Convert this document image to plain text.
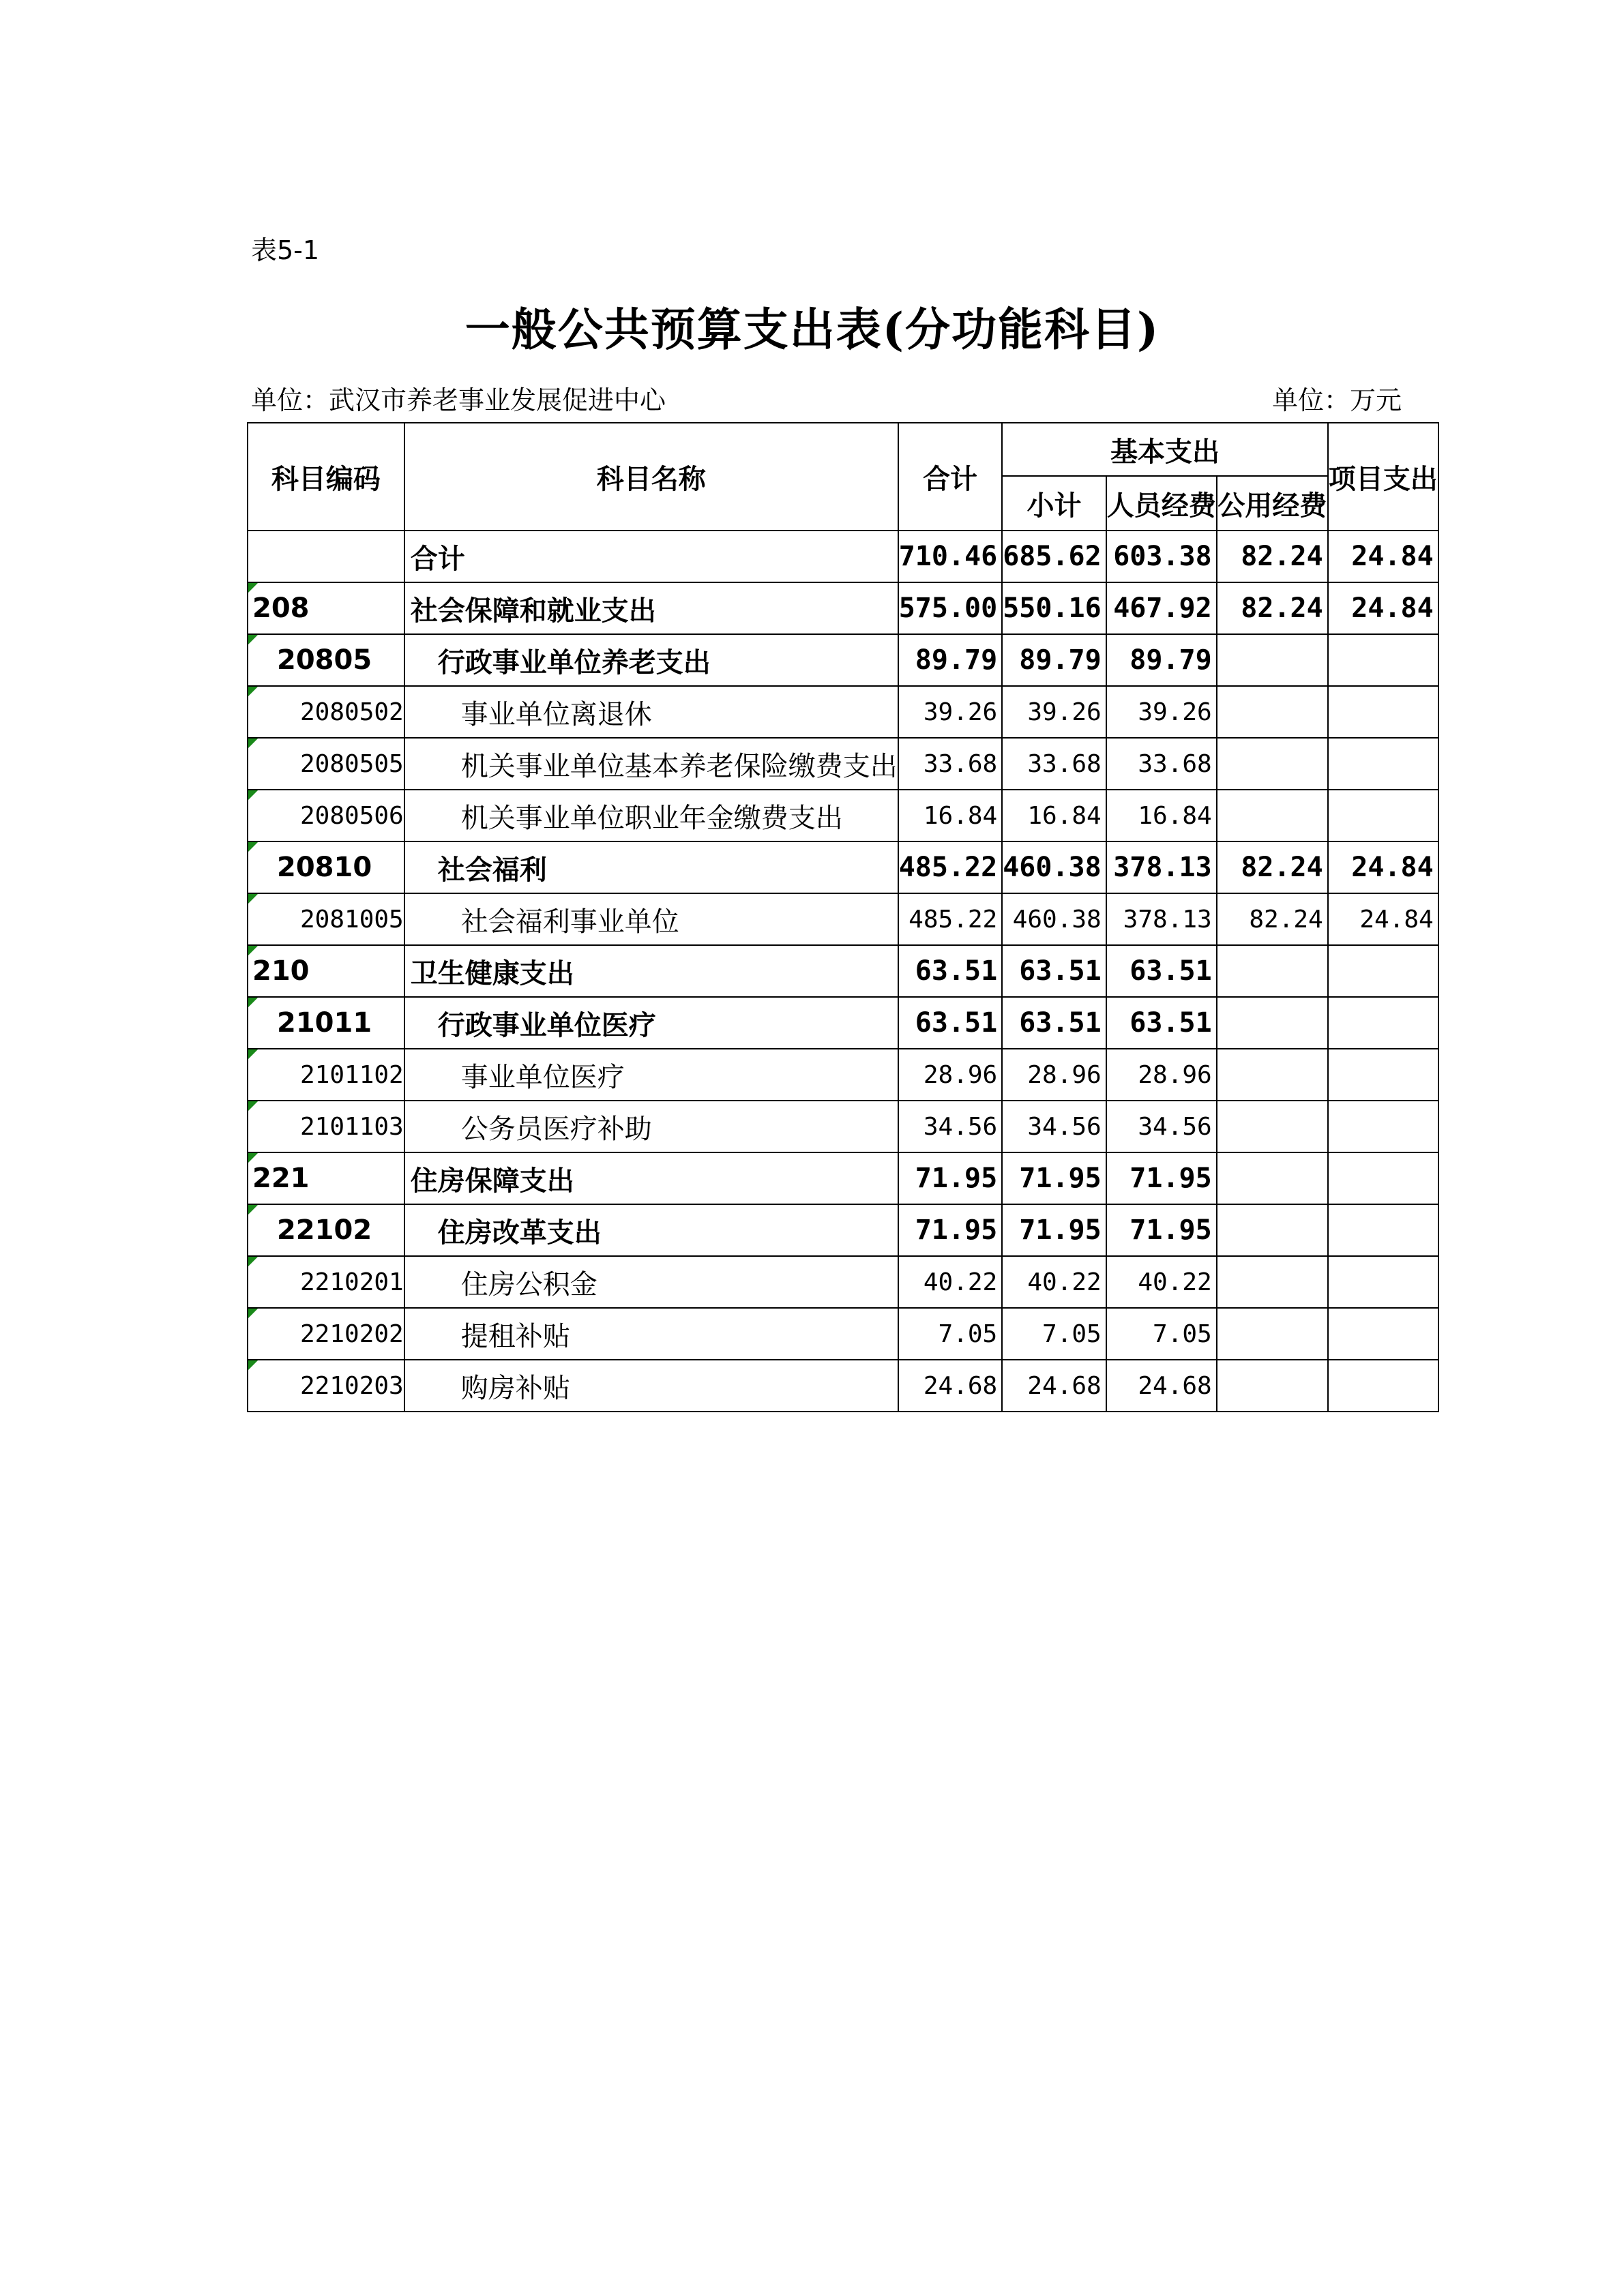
表5-1
一般公共预算支出表(分功能科目)
单位：武汉市养老事业发展促进中心	单位：万元
科目编码	科目名称	合计	基本支出			项目支出
			小计	人员经费	公用经费	
	合计	710.46	685.62	603.38	82.24	24.84

208	社会保障和就业支出	575.00	550.16	467.92	82.24	24.84

20805	行政事业单位养老支出	89.79	89.79	89.79		

2080502	事业单位离退休	39.26	39.26	39.26		

2080505	机关事业单位基本养老保险缴费支出	33.68	33.68	33.68		

2080506	机关事业单位职业年金缴费支出	16.84	16.84	16.84		

20810	社会福利	485.22	460.38	378.13	82.24	24.84

2081005	社会福利事业单位	485.22	460.38	378.13	82.24	24.84

210	卫生健康支出	63.51	63.51	63.51		

21011	行政事业单位医疗	63.51	63.51	63.51		

2101102	事业单位医疗	28.96	28.96	28.96		

2101103	公务员医疗补助	34.56	34.56	34.56		

221	住房保障支出	71.95	71.95	71.95		

22102	住房改革支出	71.95	71.95	71.95		

2210201	住房公积金	40.22	40.22	40.22		

2210202	提租补贴	7.05	7.05	7.05		

2210203	购房补贴	24.68	24.68	24.68		
